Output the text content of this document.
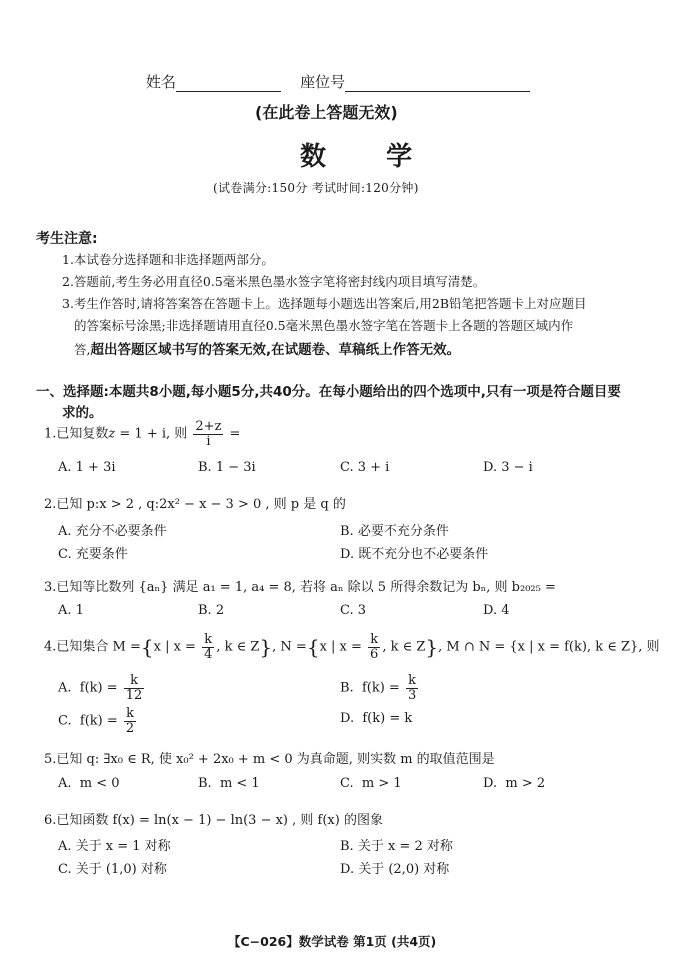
姓名	座位号
(在此卷上答题无效)
数  学
(试卷满分:150分 考试时间:120分钟)
考生注意:
1.本试卷分选择题和非选择题两部分。
2.答题前,考生务必用直径0.5毫米黑色墨水签字笔将密封线内项目填写清楚。
3.考生作答时,请将答案答在答题卡上。选择题每小题选出答案后,用2B铅笔把答题卡上对应题目
的答案标号涂黑;非选择题请用直径0.5毫米黑色墨水签字笔在答题卡上各题的答题区域内作
答,超出答题区域书写的答案无效,在试题卷、草稿纸上作答无效。
一、选择题:本题共8小题,每小题5分,共40分。在每小题给出的四个选项中,只有一项是符合题目要
求的。
1.已知复数z = 1 + i, 则 $\frac{2+z}{i}$ =
A. 1 + 3i	B. 1 − 3i	C. 3 + i	D. 3 − i
2.已知 p:x > 2 , q:2x² − x − 3 > 0 , 则 p 是 q 的
A. 充分不必要条件	B. 必要不充分条件
C. 充要条件	D. 既不充分也不必要条件
3.已知等比数列 {aₙ} 满足 a₁ = 1, a₄ = 8, 若将 aₙ 除以 5 所得余数记为 bₙ, 则 b₂₀₂₅ =
A. 1	B. 2	C. 3	D. 4
4.已知集合 M ={x | $x = \frac{k}{4}$ , k ∈ Z}, N ={x | $x = \frac{k}{6}$ , k ∈ Z}, M ∩ N = {x | x = f(k), k ∈ Z}, 则
A.  $f(k) = \frac{k}{12}$	B.  $f(k) = \frac{k}{3}$
C.  $f(k) = \frac{k}{2}$	D.  f(k) = k
5.已知 q: ∃x₀ ∈ R, 使 x₀² + 2x₀ + m < 0 为真命题, 则实数 m 的取值范围是
A.  m < 0	B.  m < 1	C.  m > 1	D.  m > 2
6.已知函数 f(x) = ln(x − 1) − ln(3 − x) , 则 f(x) 的图象
A. 关于 x = 1 对称	B. 关于 x = 2 对称
C. 关于 (1,0) 对称	D. 关于 (2,0) 对称
【C−026】数学试卷 第1页 (共4页)
